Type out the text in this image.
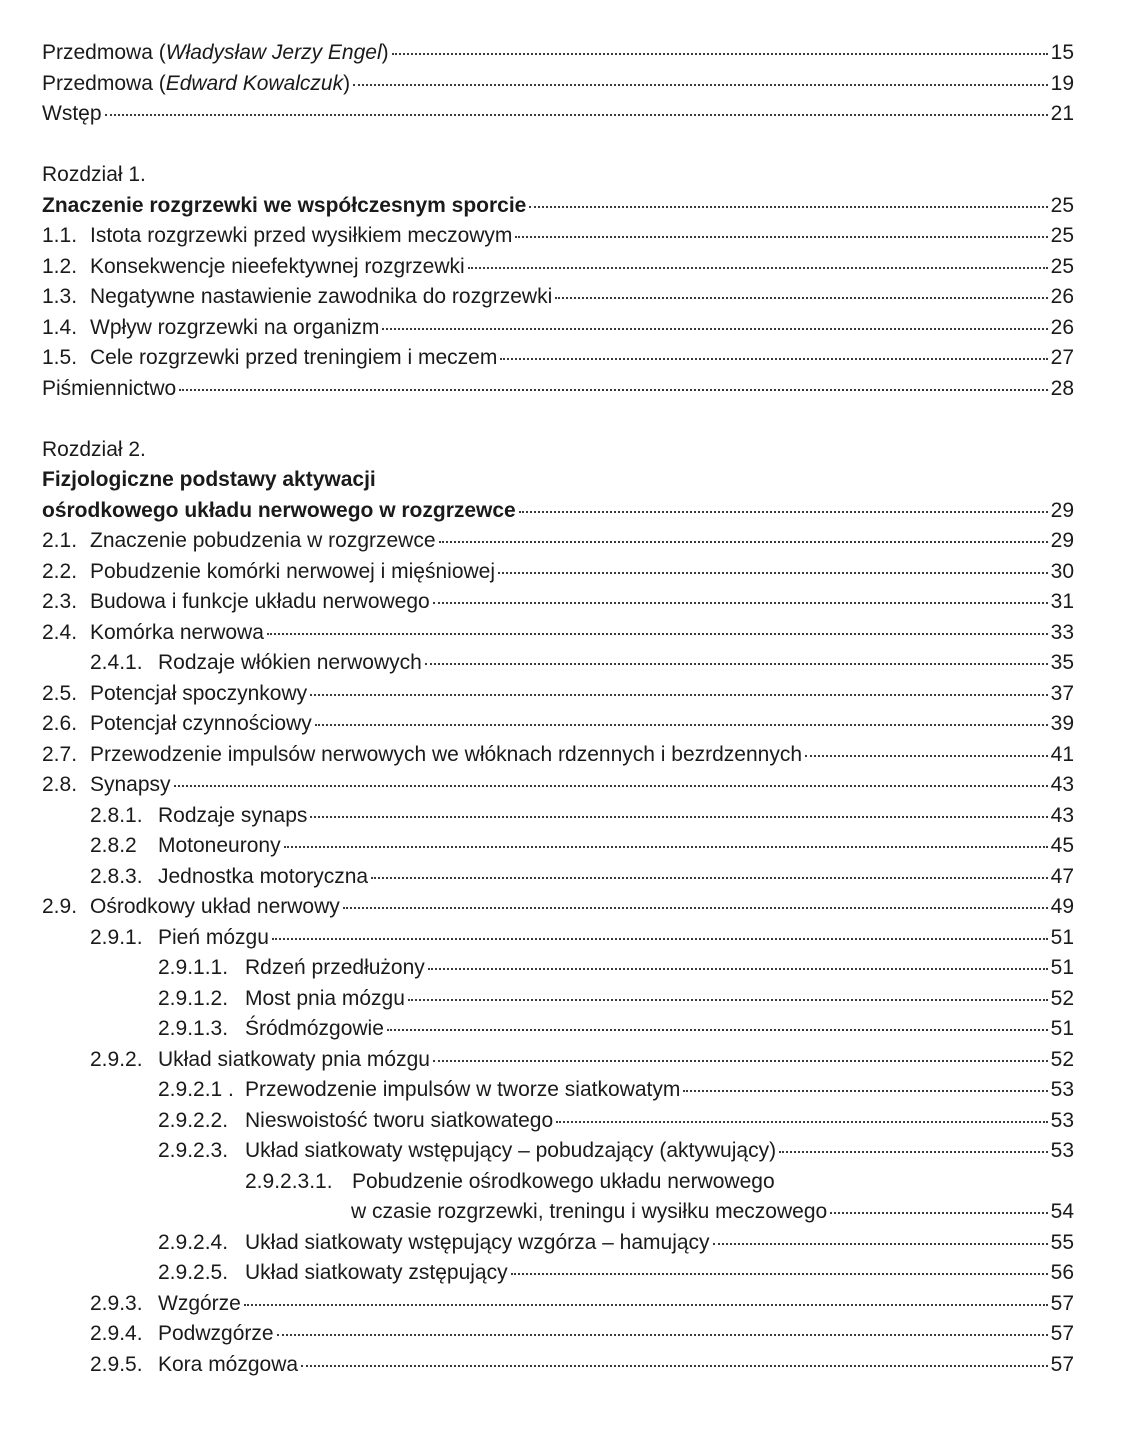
Przedmowa (Władysław Jerzy Engel)	15
Przedmowa (Edward Kowalczuk)	19
Wstęp	21
Rozdział 1.
Znaczenie rozgrzewki we współczesnym sporcie	25
1.1. Istota rozgrzewki przed wysiłkiem meczowym	25
1.2. Konsekwencje nieefektywnej rozgrzewki	25
1.3. Negatywne nastawienie zawodnika do rozgrzewki	26
1.4. Wpływ rozgrzewki na organizm	26
1.5. Cele rozgrzewki przed treningiem i meczem	27
Piśmiennictwo	28
Rozdział 2.
Fizjologiczne podstawy aktywacji
ośrodkowego układu nerwowego w rozgrzewce	29
2.1. Znaczenie pobudzenia w rozgrzewce	29
2.2. Pobudzenie komórki nerwowej i mięśniowej	30
2.3. Budowa i funkcje układu nerwowego	31
2.4. Komórka nerwowa	33
2.4.1. Rodzaje włókien nerwowych	35
2.5. Potencjał spoczynkowy	37
2.6. Potencjał czynnościowy	39
2.7. Przewodzenie impulsów nerwowych we włóknach rdzennych i bezrdzennych	41
2.8. Synapsy	43
2.8.1. Rodzaje synaps	43
2.8.2 Motoneurony	45
2.8.3. Jednostka motoryczna	47
2.9. Ośrodkowy układ nerwowy	49
2.9.1. Pień mózgu	51
2.9.1.1. Rdzeń przedłużony	51
2.9.1.2. Most pnia mózgu	52
2.9.1.3. Śródmózgowie	51
2.9.2. Układ siatkowaty pnia mózgu	52
2.9.2.1 . Przewodzenie impulsów w tworze siatkowatym	53
2.9.2.2. Nieswoistość tworu siatkowatego	53
2.9.2.3. Układ siatkowaty wstępujący – pobudzający (aktywujący)	53
2.9.2.3.1. Pobudzenie ośrodkowego układu nerwowego
w czasie rozgrzewki, treningu i wysiłku meczowego	54
2.9.2.4. Układ siatkowaty wstępujący wzgórza – hamujący	55
2.9.2.5. Układ siatkowaty zstępujący	56
2.9.3. Wzgórze	57
2.9.4. Podwzgórze	57
2.9.5. Kora mózgowa	57
